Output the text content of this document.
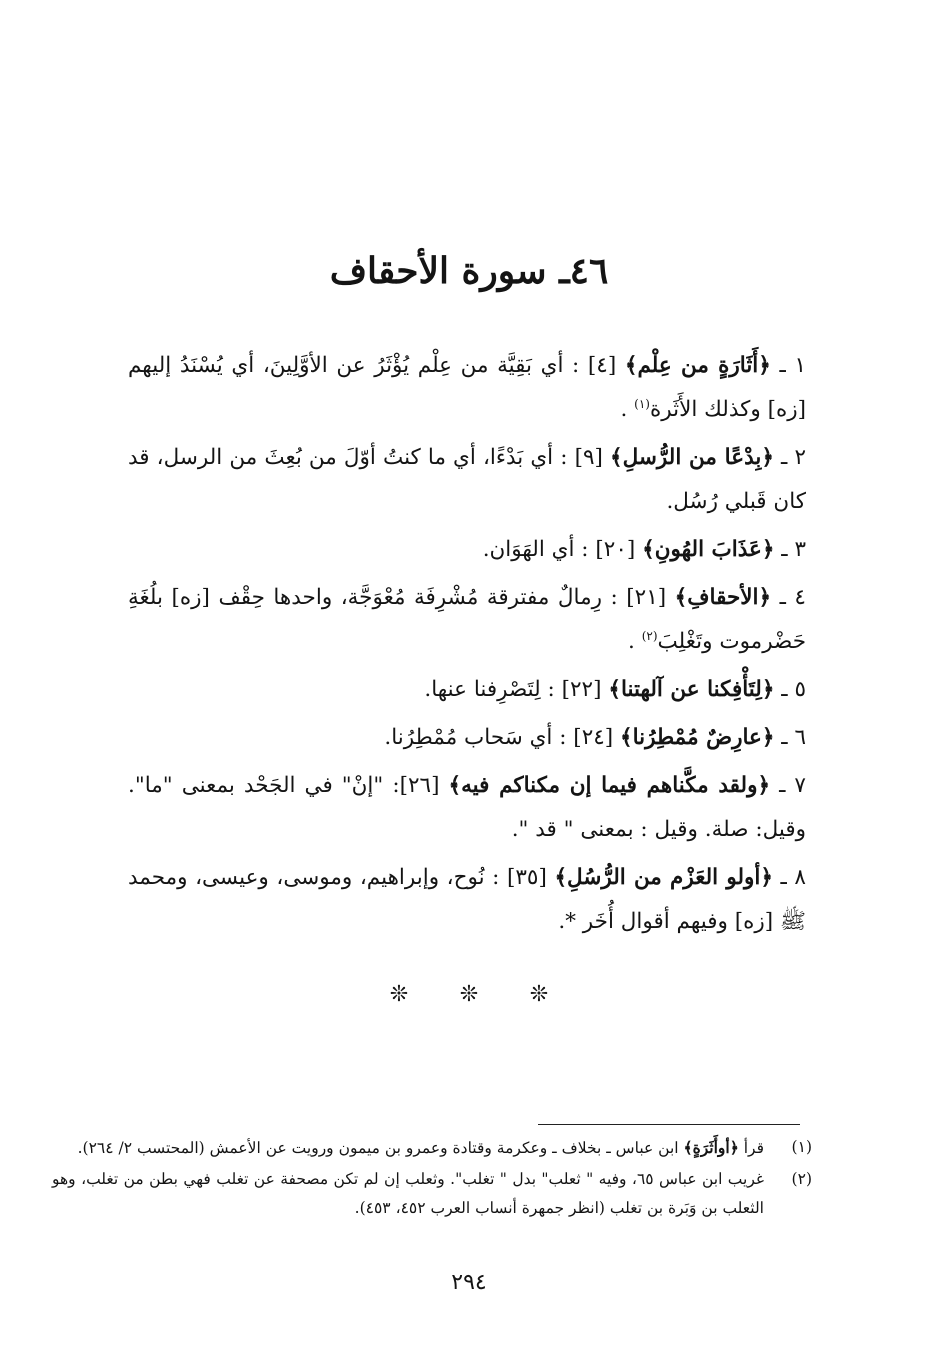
٤٦ـ سورة الأحقاف

١ ـ ﴿أَثَارَةٍ من عِلْم﴾ [٤] : أي بَقِيَّة من عِلْم يُؤْثَرُ عن الأوَّلِينَ، أي يُسْنَدُ إليهم [زه] وكذلك الأَثَرة$^{(١)}$ .

٢ ـ ﴿بِدْعًا من الرُّسلِ﴾ [٩] : أي بَدْءًا، أي ما كنتُ أوّلَ من بُعِثَ من الرسل، قد كان قَبلي رُسُل.

٣ ـ ﴿عَذَابَ الهُونِ﴾ [٢٠] : أي الهَوَان.

٤ ـ ﴿الأحقافِ﴾ [٢١] : رِمالٌ مفترقة مُشْرِفَة مُعْوَجَّة، واحدها حِقْف [زه] بلُغَةِ حَضْرموت وتَغْلِبَ$^{(٢)}$ .

٥ ـ ﴿لِتَأْفِكنا عن آلهتنا﴾ [٢٢] : لِتَصْرِفنا عنها.

٦ ـ ﴿عارِضٌ مُمْطِرُنا﴾ [٢٤] : أي سَحاب مُمْطِرُنا.

٧ ـ ﴿ولقد مكَّناهم فيما إن مكناكم فيه﴾ [٢٦]: "إنْ" في الجَحْد بمعنى "ما". وقيل: صلة. وقيل : بمعنى " قد ".

٨ ـ ﴿أولو العَزْم من الرُّسُلِ﴾ [٣٥] : نُوح، وإبراهيم، وموسى، وعيسى، ومحمد ﷺ [زه] وفيهم أقوال أُخَر *.

❊ ❊ ❊
(١)
قرأ ﴿أوأَثَرَةٍ﴾ ابن عباس ـ بخلاف ـ وعكرمة وقتادة وعمرو بن ميمون ورويت عن الأعمش (المحتسب ٢/ ٢٦٤).
(٢)
غريب ابن عباس ٦٥، وفيه " ثعلب" بدل " تغلب". وثعلب إن لم تكن مصحفة عن تغلب فهي بطن من تغلب، وهو الثعلب بن وَبَرة بن تغلب (انظر جمهرة أنساب العرب ٤٥٢، ٤٥٣).
٢٩٤
